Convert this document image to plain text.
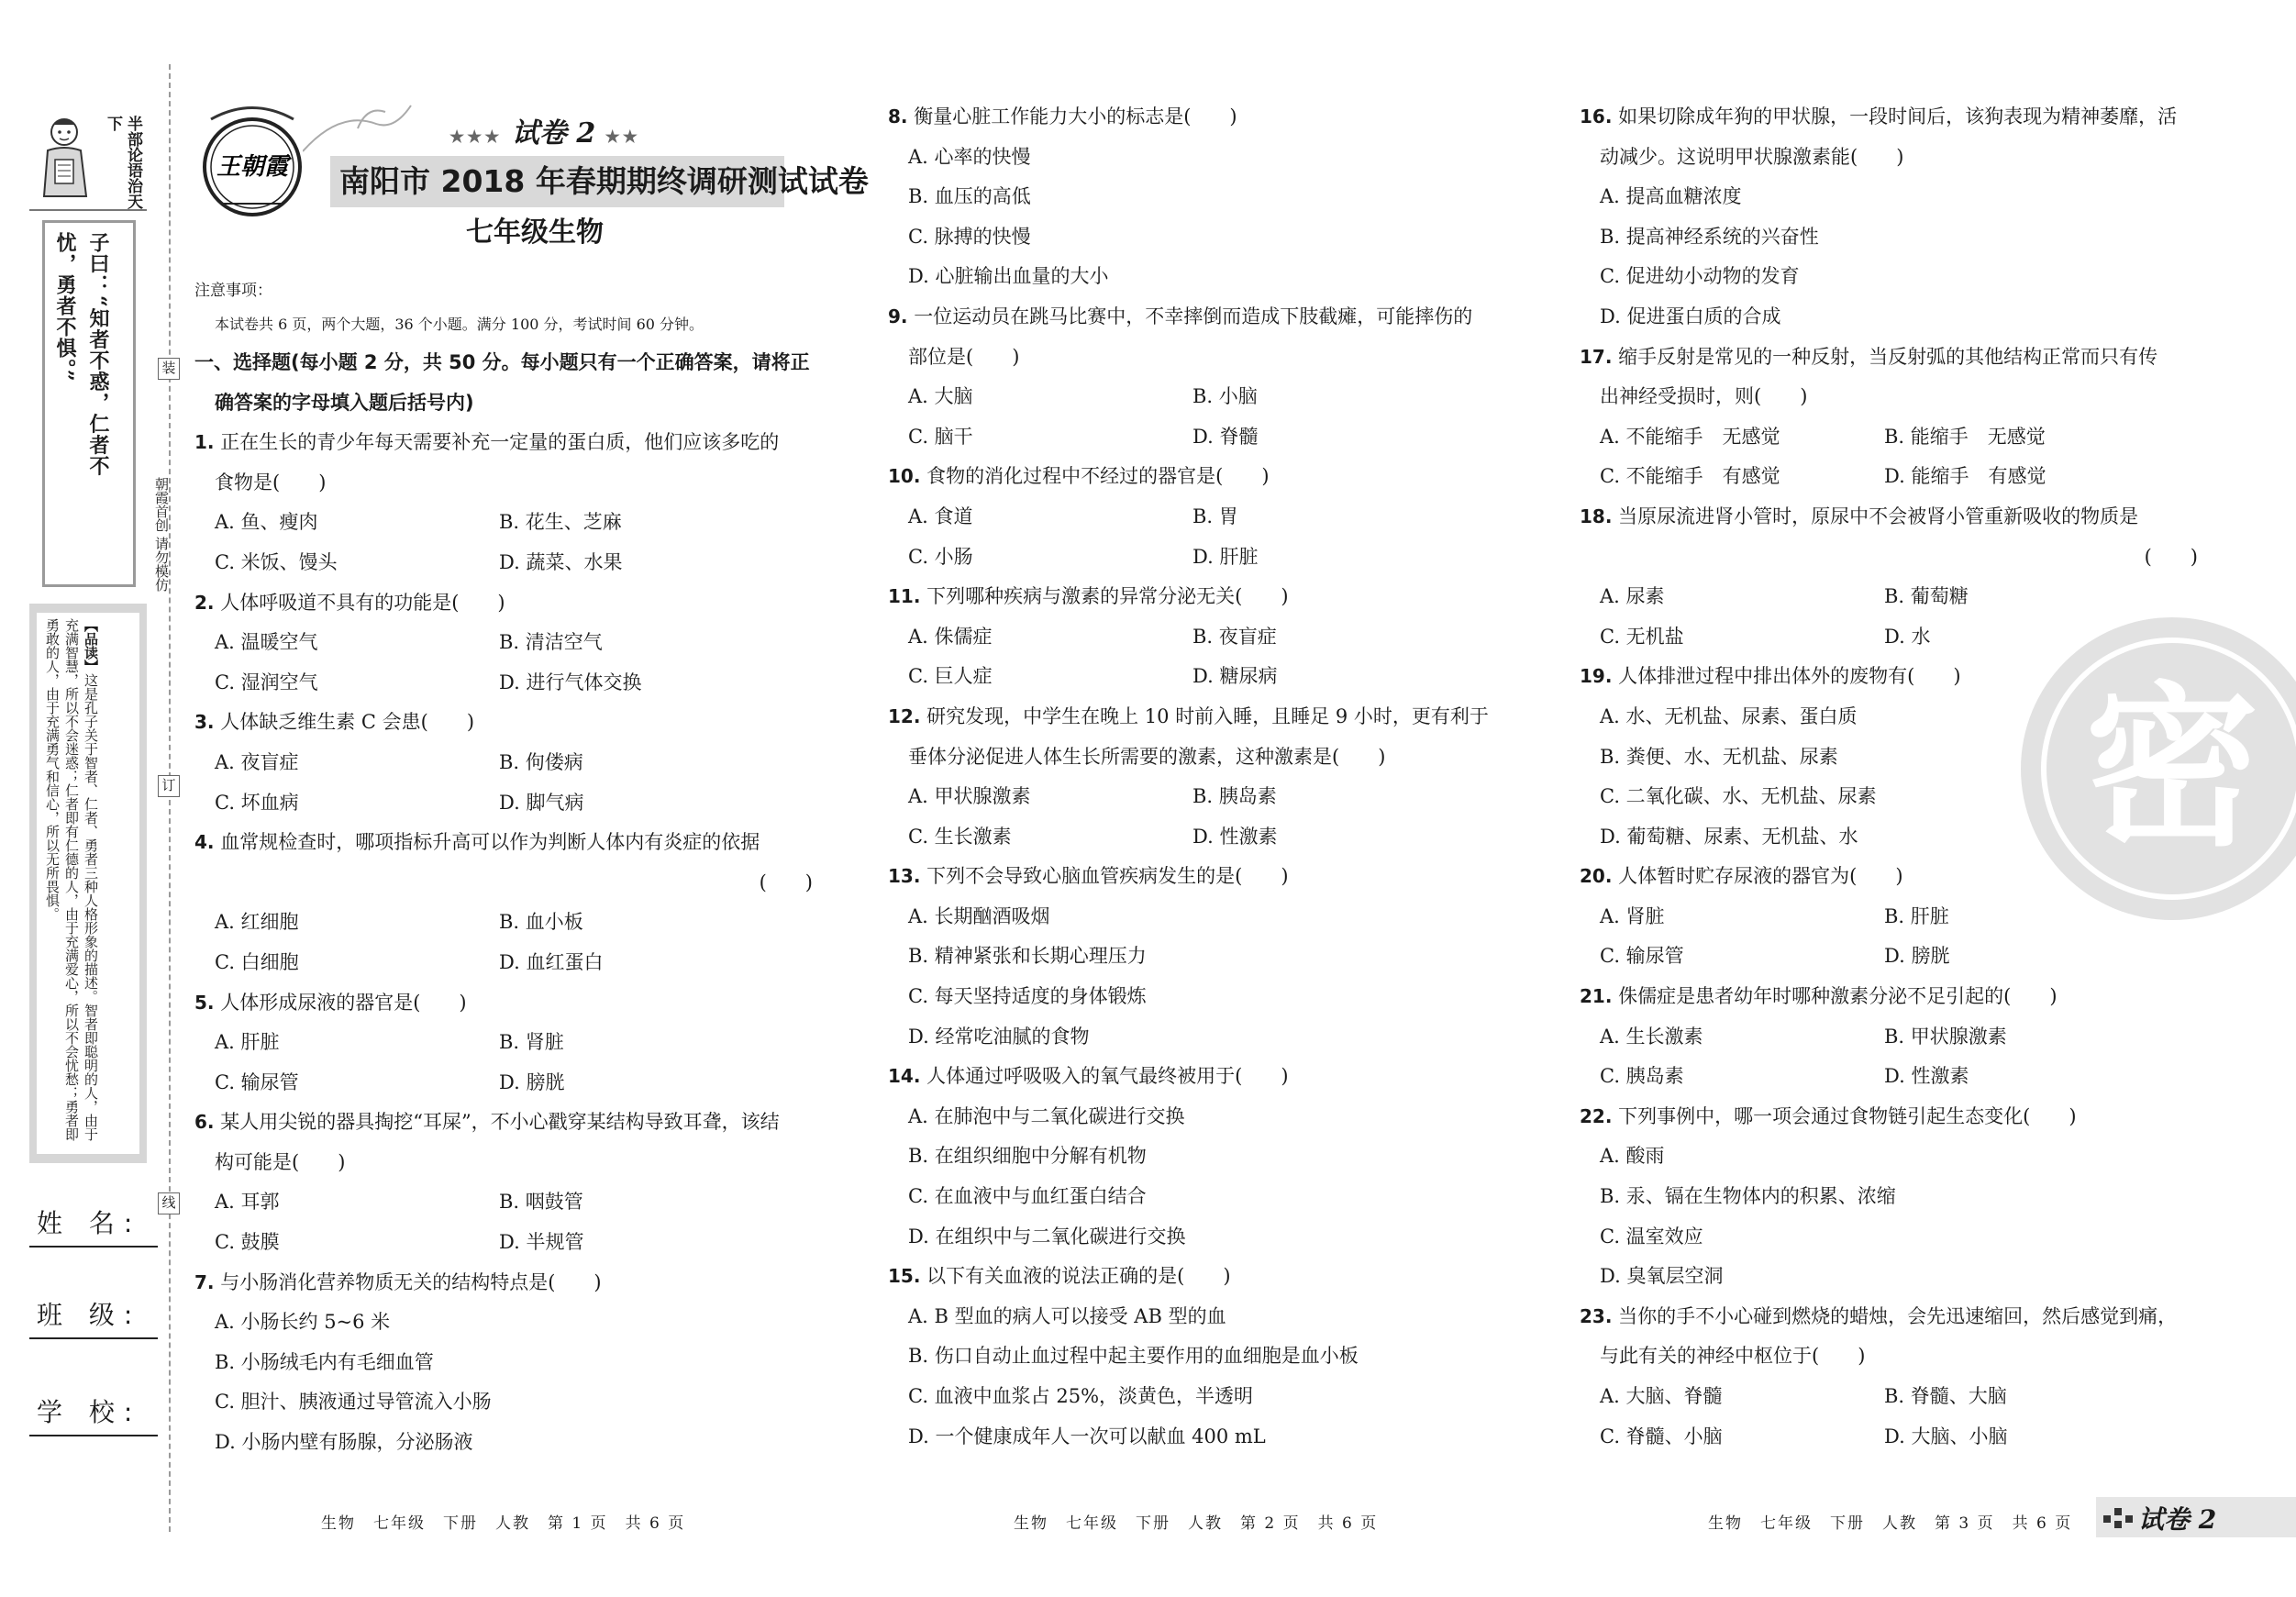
半部论语治天下
子曰：“知者不惑，仁者不
忧，勇者不惧。”
【品读】这是孔子关于智者、仁者、勇者三种人格形象的描述。智者即聪明的人，由于充满智慧，所以不会迷惑；仁者即有仁德的人，由于充满爱心，所以不会忧愁；勇者即勇敢的人，由于充满勇气和信心，所以无所畏惧。
姓 名:
班 级:
学 校:
装
订
线
朝霞首创 请勿模仿
王朝霞
★★★ 试卷 2 ★★
南阳市 2018 年春期期终调研测试试卷
七年级生物

注意事项：

本试卷共 6 页，两个大题，36 个小题。满分 100 分，考试时间 60 分钟。

一、选择题(每小题 2 分，共 50 分。每小题只有一个正确答案，请将正

确答案的字母填入题后括号内)

1. 正在生长的青少年每天需要补充一定量的蛋白质，他们应该多吃的

食物是(　　)

A. 鱼、瘦肉	B. 花生、芝麻

C. 米饭、馒头	D. 蔬菜、水果

2. 人体呼吸道不具有的功能是(　　)

A. 温暖空气	B. 清洁空气

C. 湿润空气	D. 进行气体交换

3. 人体缺乏维生素 C 会患(　　)

A. 夜盲症	B. 佝偻病

C. 坏血病	D. 脚气病

4. 血常规检查时，哪项指标升高可以作为判断人体内有炎症的依据

(　　)

A. 红细胞	B. 血小板

C. 白细胞	D. 血红蛋白

5. 人体形成尿液的器官是(　　)

A. 肝脏	B. 肾脏

C. 输尿管	D. 膀胱

6. 某人用尖锐的器具掏挖“耳屎”，不小心戳穿某结构导致耳聋，该结

构可能是(　　)

A. 耳郭	B. 咽鼓管

C. 鼓膜	D. 半规管

7. 与小肠消化营养物质无关的结构特点是(　　)

A. 小肠长约 5~6 米

B. 小肠绒毛内有毛细血管

C. 胆汁、胰液通过导管流入小肠

D. 小肠内壁有肠腺，分泌肠液

8. 衡量心脏工作能力大小的标志是(　　)

A. 心率的快慢

B. 血压的高低

C. 脉搏的快慢

D. 心脏输出血量的大小

9. 一位运动员在跳马比赛中，不幸摔倒而造成下肢截瘫，可能摔伤的

部位是(　　)

A. 大脑	B. 小脑

C. 脑干	D. 脊髓

10. 食物的消化过程中不经过的器官是(　　)

A. 食道	B. 胃

C. 小肠	D. 肝脏

11. 下列哪种疾病与激素的异常分泌无关(　　)

A. 侏儒症	B. 夜盲症

C. 巨人症	D. 糖尿病

12. 研究发现，中学生在晚上 10 时前入睡，且睡足 9 小时，更有利于

垂体分泌促进人体生长所需要的激素，这种激素是(　　)

A. 甲状腺激素	B. 胰岛素

C. 生长激素	D. 性激素

13. 下列不会导致心脑血管疾病发生的是(　　)

A. 长期酗酒吸烟

B. 精神紧张和长期心理压力

C. 每天坚持适度的身体锻炼

D. 经常吃油腻的食物

14. 人体通过呼吸吸入的氧气最终被用于(　　)

A. 在肺泡中与二氧化碳进行交换

B. 在组织细胞中分解有机物

C. 在血液中与血红蛋白结合

D. 在组织中与二氧化碳进行交换

15. 以下有关血液的说法正确的是(　　)

A. B 型血的病人可以接受 AB 型的血

B. 伤口自动止血过程中起主要作用的血细胞是血小板

C. 血液中血浆占 25%，淡黄色，半透明

D. 一个健康成年人一次可以献血 400 mL

16. 如果切除成年狗的甲状腺，一段时间后，该狗表现为精神萎靡，活

动减少。这说明甲状腺激素能(　　)

A. 提高血糖浓度

B. 提高神经系统的兴奋性

C. 促进幼小动物的发育

D. 促进蛋白质的合成

17. 缩手反射是常见的一种反射，当反射弧的其他结构正常而只有传

出神经受损时，则(　　)

A. 不能缩手　无感觉	B. 能缩手　无感觉

C. 不能缩手　有感觉	D. 能缩手　有感觉

18. 当原尿流进肾小管时，原尿中不会被肾小管重新吸收的物质是

(　　)

A. 尿素	B. 葡萄糖

C. 无机盐	D. 水

19. 人体排泄过程中排出体外的废物有(　　)

A. 水、无机盐、尿素、蛋白质

B. 粪便、水、无机盐、尿素

C. 二氧化碳、水、无机盐、尿素

D. 葡萄糖、尿素、无机盐、水

20. 人体暂时贮存尿液的器官为(　　)

A. 肾脏	B. 肝脏

C. 输尿管	D. 膀胱

21. 侏儒症是患者幼年时哪种激素分泌不足引起的(　　)

A. 生长激素	B. 甲状腺激素

C. 胰岛素	D. 性激素

22. 下列事例中，哪一项会通过食物链引起生态变化(　　)

A. 酸雨

B. 汞、镉在生物体内的积累、浓缩

C. 温室效应

D. 臭氧层空洞

23. 当你的手不小心碰到燃烧的蜡烛，会先迅速缩回，然后感觉到痛，

与此有关的神经中枢位于(　　)

A. 大脑、脊髓	B. 脊髓、大脑

C. 脊髓、小脑	D. 大脑、小脑

密
生物　七年级　下册　人教　第 1 页　共 6 页	生物　七年级　下册　人教　第 2 页　共 6 页	生物　七年级　下册　人教　第 3 页　共 6 页	试卷 2
